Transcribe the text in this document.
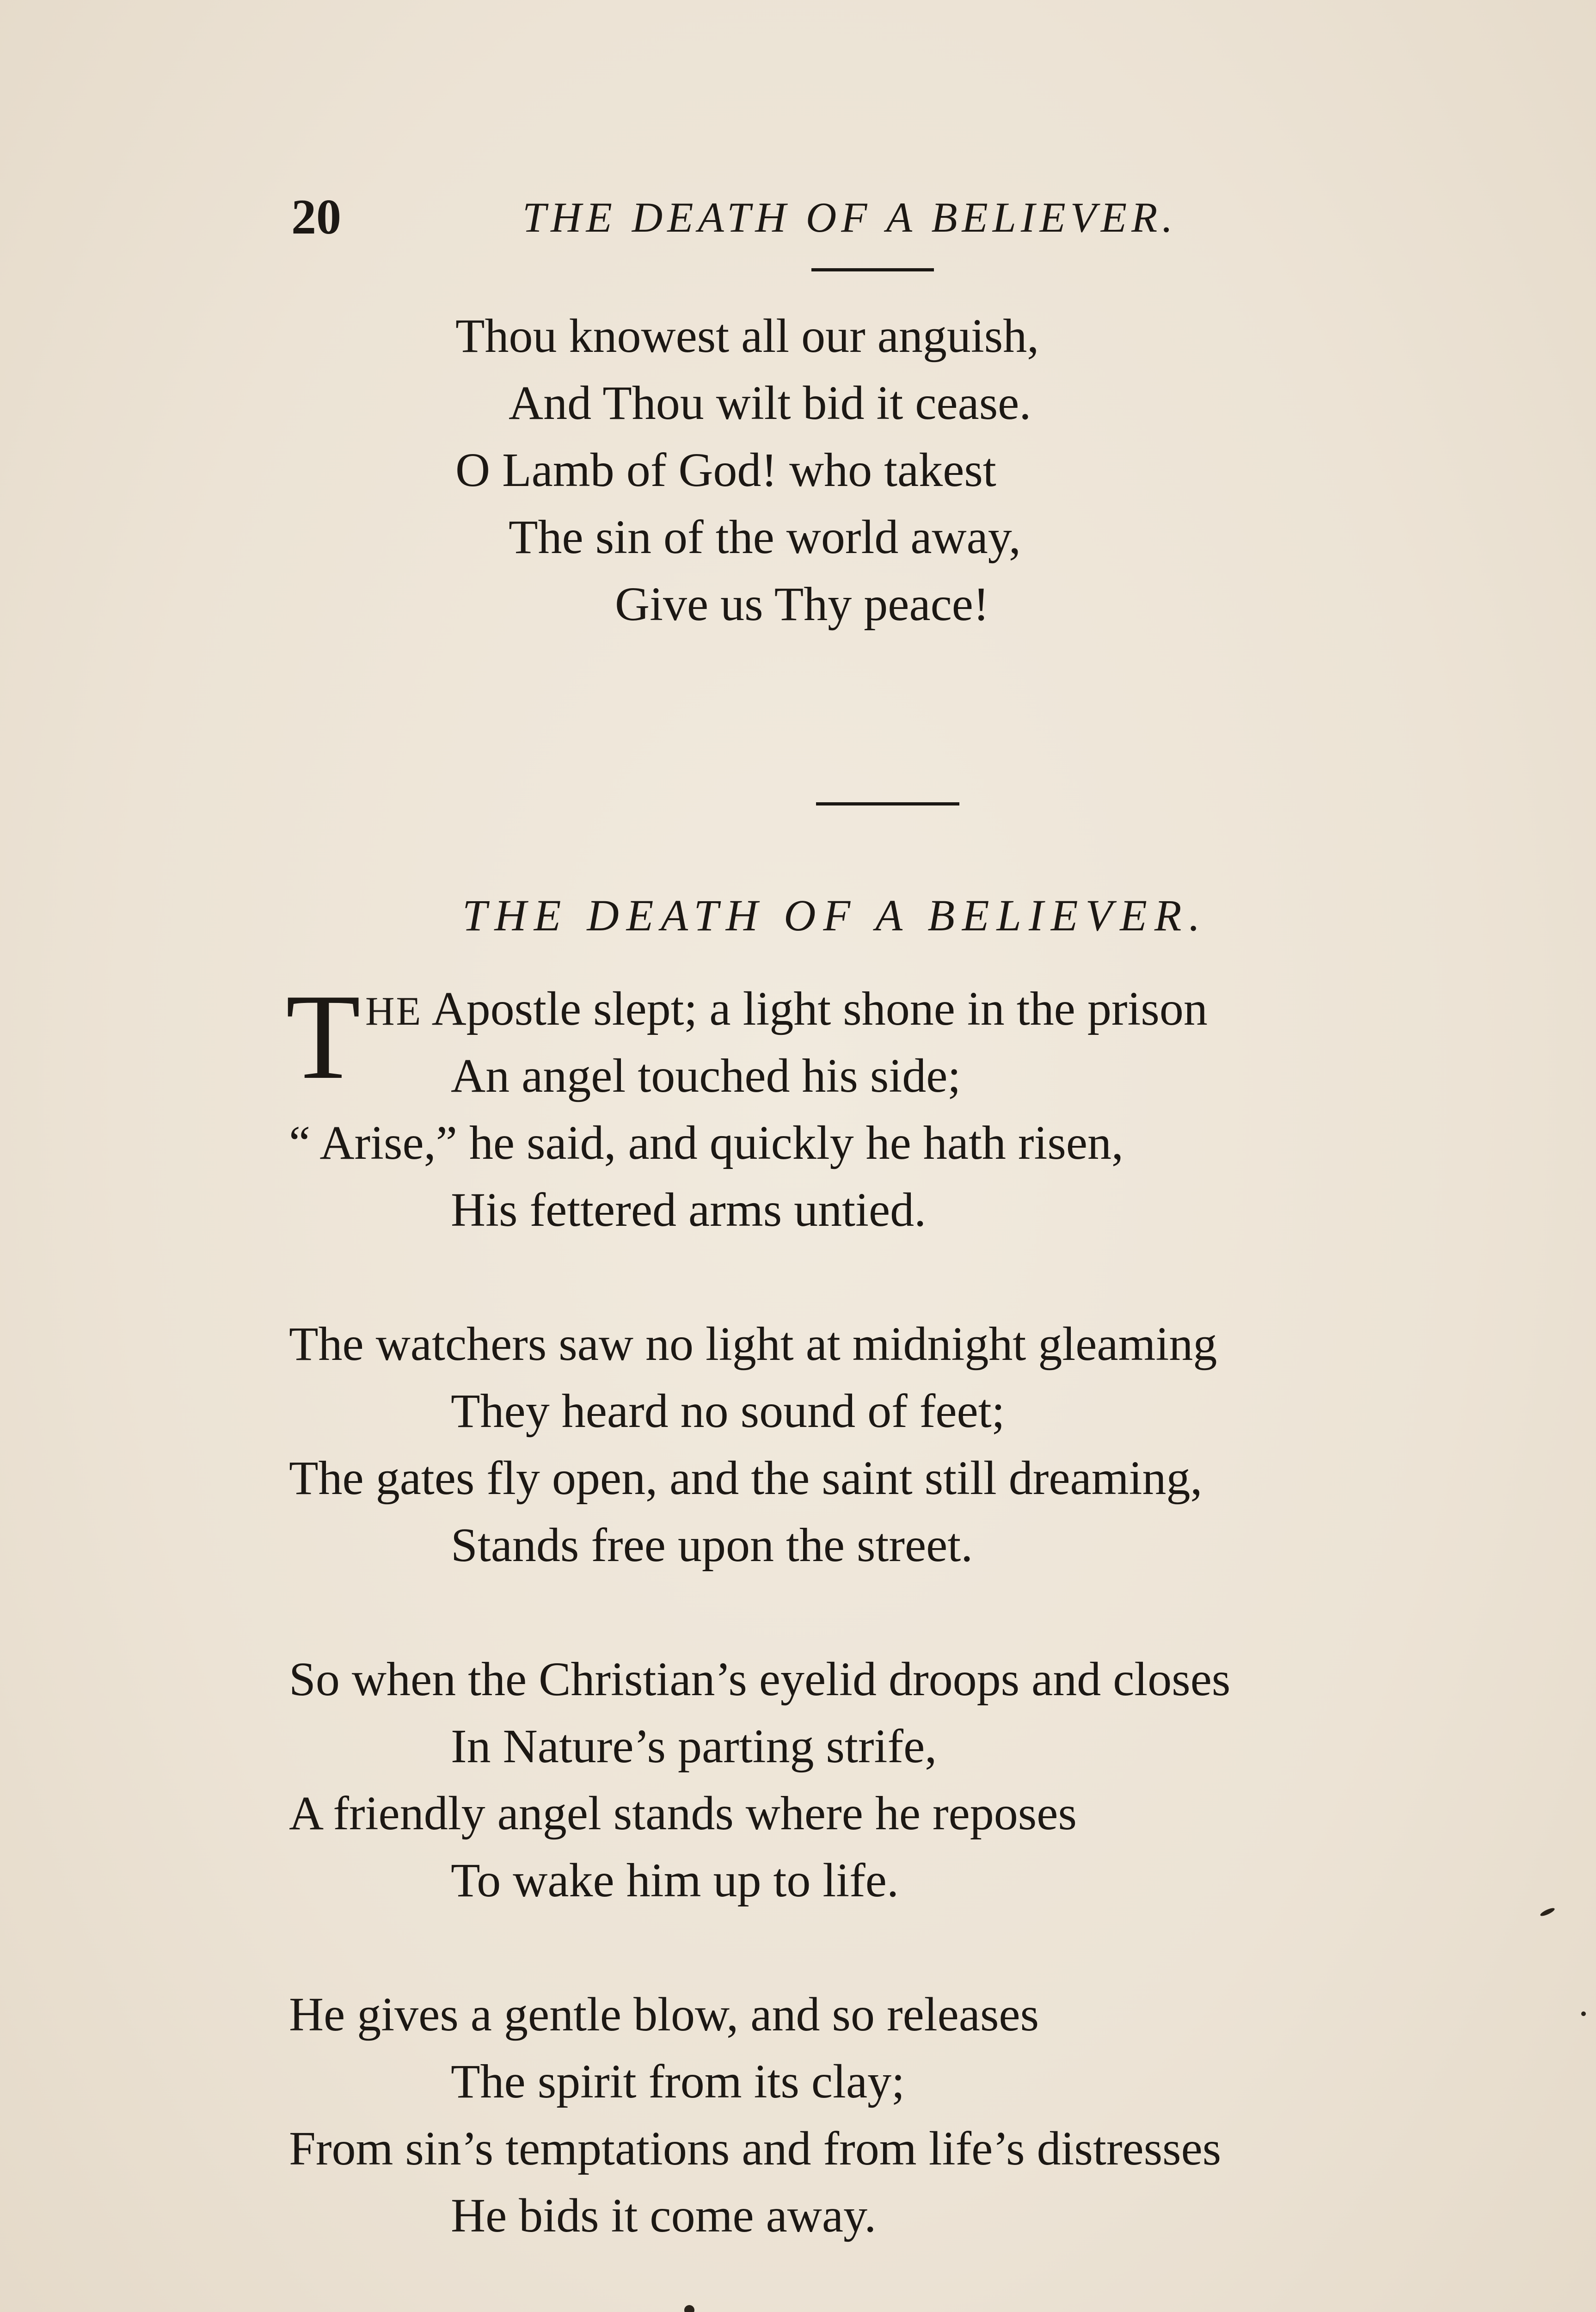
20	THE DEATH OF A BELIEVER.
Thou knowest all our anguish,
And Thou wilt bid it cease.
O Lamb of God! who takest
The sin of the world away,
Give us Thy peace!
THE DEATH OF A BELIEVER.
T HE Apostle slept; a light shone in the prison
An angel touched his side;
“ Arise,” he said, and quickly he hath risen,
His fettered arms untied.
The watchers saw no light at midnight gleaming
They heard no sound of feet;
The gates fly open, and the saint still dreaming,
Stands free upon the street.
So when the Christian’s eyelid droops and closes
In Nature’s parting strife,
A friendly angel stands where he reposes
To wake him up to life.
He gives a gentle blow, and so releases
The spirit from its clay;
From sin’s temptations and from life’s distresses
He bids it come away.
